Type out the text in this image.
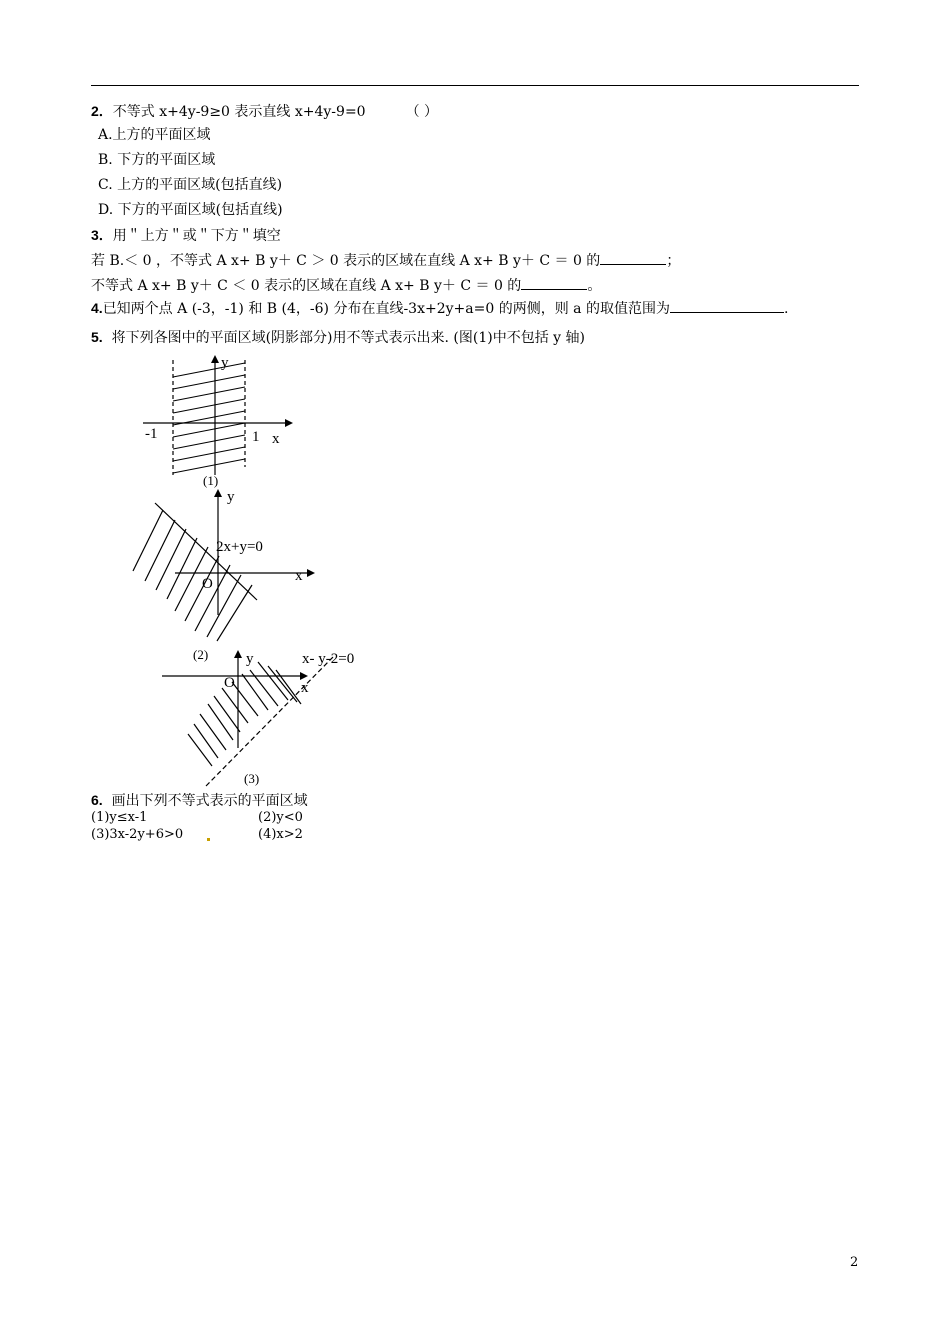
2．不等式 x+4y-9≥0 表示直线 x+4y-9=0	（ ）
A.上方的平面区域
B. 下方的平面区域
C. 上方的平面区域(包括直线)
D. 下方的平面区域(包括直线)
3．用＂上方＂或＂下方＂填空
若 B.＜ 0 ，不等式 A x+ B y＋ C ＞ 0 表示的区域在直线 A x+ B y＋ C ＝ 0 的	；
不等式 A x+ B y＋ C ＜ 0 表示的区域在直线 A x+ B y＋ C ＝ 0 的	。
4.已知两个点 A (-3，-1) 和 B (4，-6) 分布在直线-3x+2y+a=0 的两侧，则 a 的取值范围为	.
5. 将下列各图中的平面区域(阴影部分)用不等式表示出来. (图(1)中不包括 y 轴)
y
x
-1	1
(1)
y
2x+y=0
O	x
(2)	y	x- y-2=0
O	x
(3)
6. 画出下列不等式表示的平面区域
(1)y≤x-1	(2)y<0
(3)3x-2y+6>0	(4)x>2
2
